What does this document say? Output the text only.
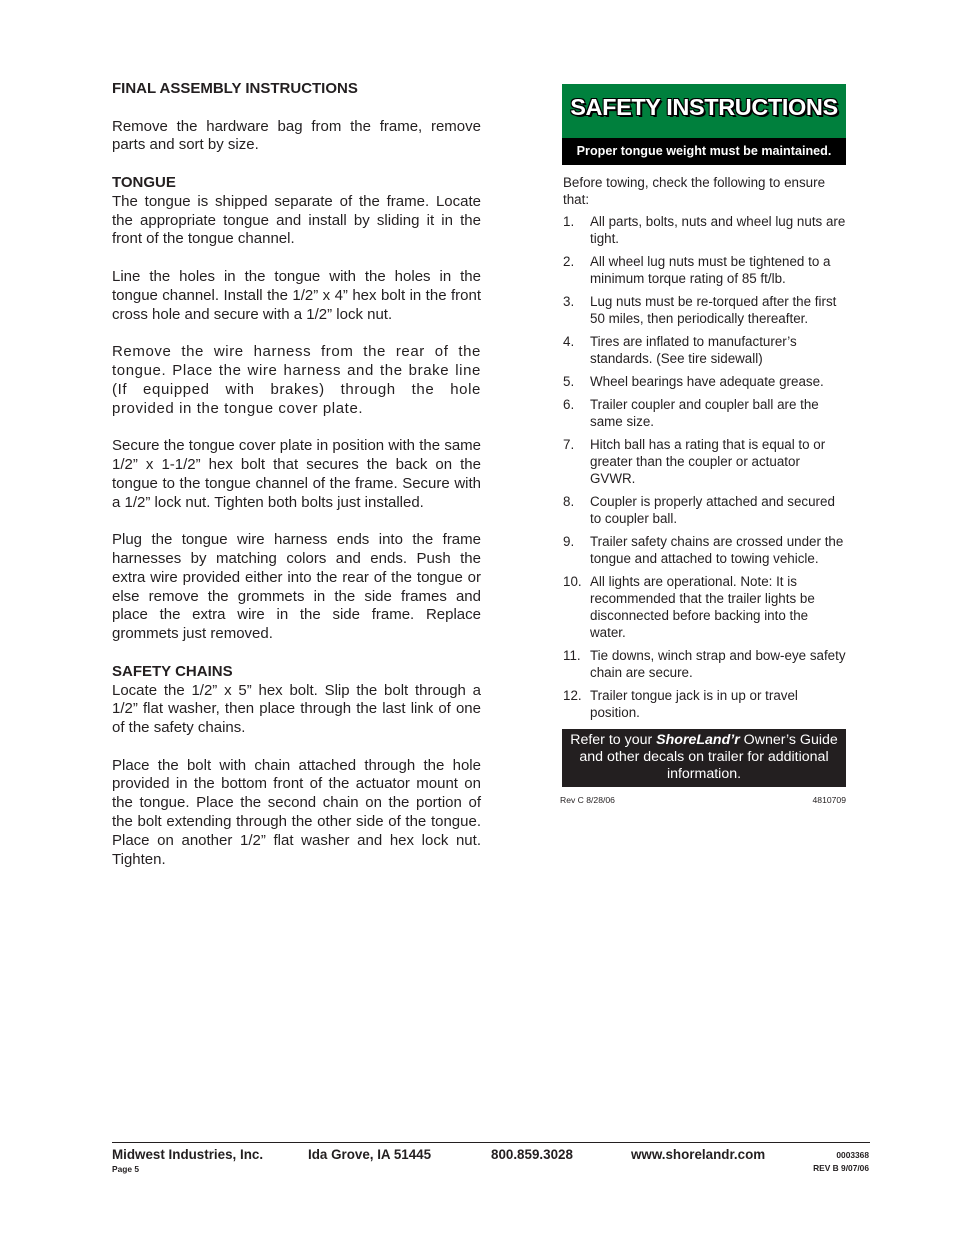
FINAL ASSEMBLY INSTRUCTIONS

Remove the hardware bag from the frame, remove parts and sort by size.

TONGUE

The tongue is shipped separate of the frame. Locate the appropriate tongue and install by sliding it in the front of the tongue channel.

Line the holes in the tongue with the holes in the tongue channel. Install the 1/2” x 4” hex bolt in the front cross hole and secure with a 1/2” lock nut.

Remove the wire harness from the rear of the tongue. Place the wire harness and the brake line (If equipped with brakes) through the hole provided in the tongue cover plate.

Secure the tongue cover plate in position with the same 1/2” x 1-1/2” hex bolt that secures the back on the tongue to the tongue channel of the frame. Secure with a 1/2” lock nut. Tighten both bolts just installed.

Plug the tongue wire harness ends into the frame harnesses by matching colors and ends. Push the extra wire provided either into the rear of the tongue or else remove the grommets in the side frames and place the extra wire in the side frame. Replace grommets just removed.

SAFETY CHAINS

Locate the 1/2” x 5” hex bolt. Slip the bolt through a 1/2” flat washer, then place through the last link of one of the safety chains.

Place the bolt with chain attached through the hole provided in the bottom front of the actuator mount on the tongue. Place the second chain on the portion of the bolt extending through the other side of the tongue. Place on another 1/2” flat washer and hex lock nut. Tighten.

SAFETY INSTRUCTIONS
Proper tongue weight must be maintained.
Before towing, check the following to ensure that:
1. All parts, bolts, nuts and wheel lug nuts are tight.
2. All wheel lug nuts must be tightened to a minimum torque rating of 85 ft/lb.
3. Lug nuts must be re-torqued after the first 50 miles, then periodically thereafter.
4. Tires are inflated to manufacturer’s standards. (See tire sidewall)
5. Wheel bearings have adequate grease.
6. Trailer coupler and coupler ball are the same size.
7. Hitch ball has a rating that is equal to or greater than the coupler or actuator GVWR.
8. Coupler is properly attached and secured to coupler ball.
9. Trailer safety chains are crossed under the tongue and attached to towing vehicle.
10. All lights are operational. Note: It is recommended that the trailer lights be disconnected before backing into the water.
11. Tie downs, winch strap and bow-eye safety chain are secure.
12. Trailer tongue jack is in up or travel position.
Refer to your ShoreLand’r Owner’s Guide and other decals on trailer for additional information.
Rev C 8/28/06	4810709
Midwest Industries, Inc.	Ida Grove, IA 51445	800.859.3028	www.shorelandr.com
Page 5
0003368
REV B 9/07/06
